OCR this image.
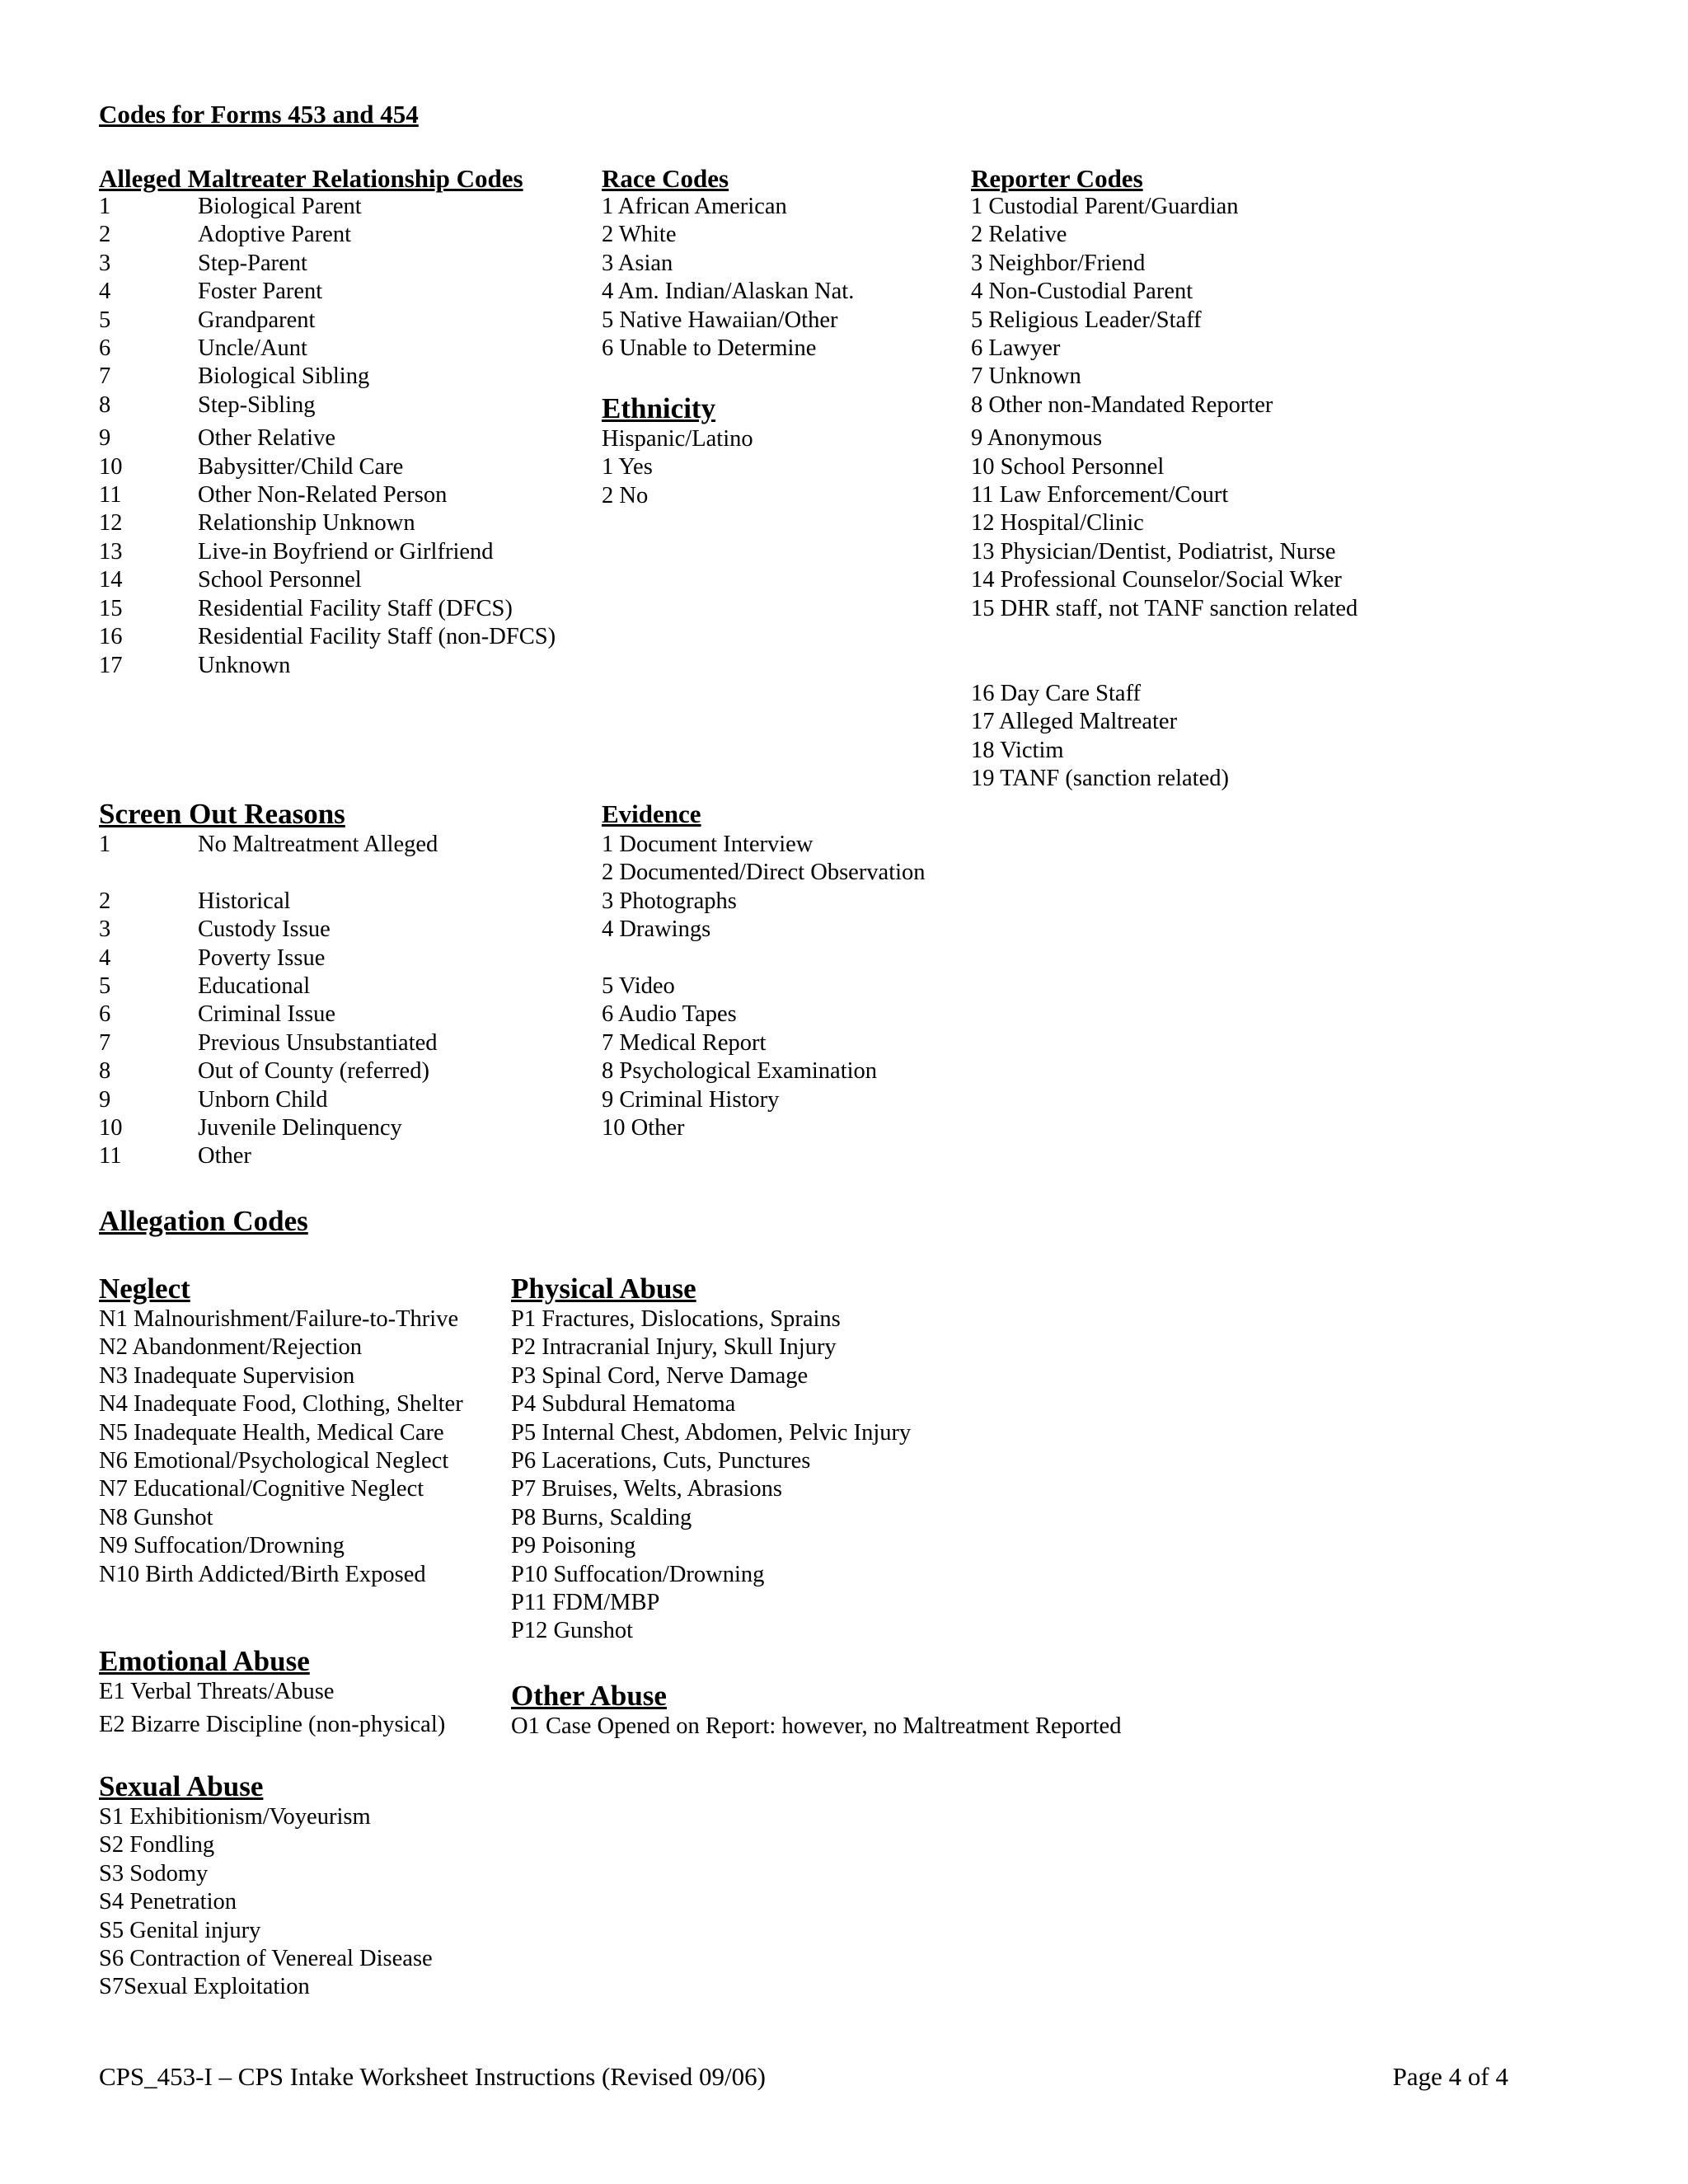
Codes for Forms 453 and 454
Alleged Maltreater Relationship Codes
1	Biological Parent
2	Adoptive Parent
3	Step-Parent
4	Foster Parent
5	Grandparent
6	Uncle/Aunt
7	Biological Sibling
8	Step-Sibling
9	Other Relative
10	Babysitter/Child Care
11	Other Non-Related Person
12	Relationship Unknown
13	Live-in Boyfriend or Girlfriend
14	School Personnel
15	Residential Facility Staff (DFCS)
16	Residential Facility Staff (non-DFCS)
17	Unknown
Race Codes
1 African American
2 White
3 Asian
4 Am. Indian/Alaskan Nat.
5 Native Hawaiian/Other
6 Unable to Determine
Ethnicity
Hispanic/Latino
1 Yes
2 No
Reporter Codes
1 Custodial Parent/Guardian
2 Relative
3 Neighbor/Friend
4 Non-Custodial Parent
5 Religious Leader/Staff
6 Lawyer
7 Unknown
8 Other non-Mandated Reporter
9 Anonymous
10 School Personnel
11 Law Enforcement/Court
12 Hospital/Clinic
13 Physician/Dentist, Podiatrist, Nurse
14 Professional Counselor/Social Wker
15 DHR staff, not TANF sanction related
16 Day Care Staff
17 Alleged Maltreater
18 Victim
19 TANF (sanction related)
Screen Out Reasons
1	No Maltreatment Alleged
2	Historical
3	Custody Issue
4	Poverty Issue
5	Educational
6	Criminal Issue
7	Previous Unsubstantiated
8	Out of County (referred)
9	Unborn Child
10	Juvenile Delinquency
11	Other
Evidence
1 Document Interview
2 Documented/Direct Observation
3 Photographs
4 Drawings
5 Video
6 Audio Tapes
7 Medical Report
8 Psychological Examination
9 Criminal History
10 Other
Allegation Codes
Neglect
N1 Malnourishment/Failure-to-Thrive
N2 Abandonment/Rejection
N3 Inadequate Supervision
N4 Inadequate Food, Clothing, Shelter
N5 Inadequate Health, Medical Care
N6 Emotional/Psychological Neglect
N7 Educational/Cognitive Neglect
N8 Gunshot
N9 Suffocation/Drowning
N10 Birth Addicted/Birth Exposed
Physical Abuse
P1 Fractures, Dislocations, Sprains
P2 Intracranial Injury, Skull Injury
P3 Spinal Cord, Nerve Damage
P4 Subdural Hematoma
P5 Internal Chest, Abdomen, Pelvic Injury
P6 Lacerations, Cuts, Punctures
P7 Bruises, Welts, Abrasions
P8 Burns, Scalding
P9 Poisoning
P10 Suffocation/Drowning
P11 FDM/MBP
P12 Gunshot
Emotional Abuse
E1 Verbal Threats/Abuse
E2 Bizarre Discipline (non-physical)
Other Abuse
O1 Case Opened on Report: however, no Maltreatment Reported
Sexual Abuse
S1 Exhibitionism/Voyeurism
S2 Fondling
S3 Sodomy
S4 Penetration
S5 Genital injury
S6 Contraction of Venereal Disease
S7Sexual Exploitation
CPS_453-I – CPS Intake Worksheet Instructions (Revised 09/06)	Page 4 of 4
